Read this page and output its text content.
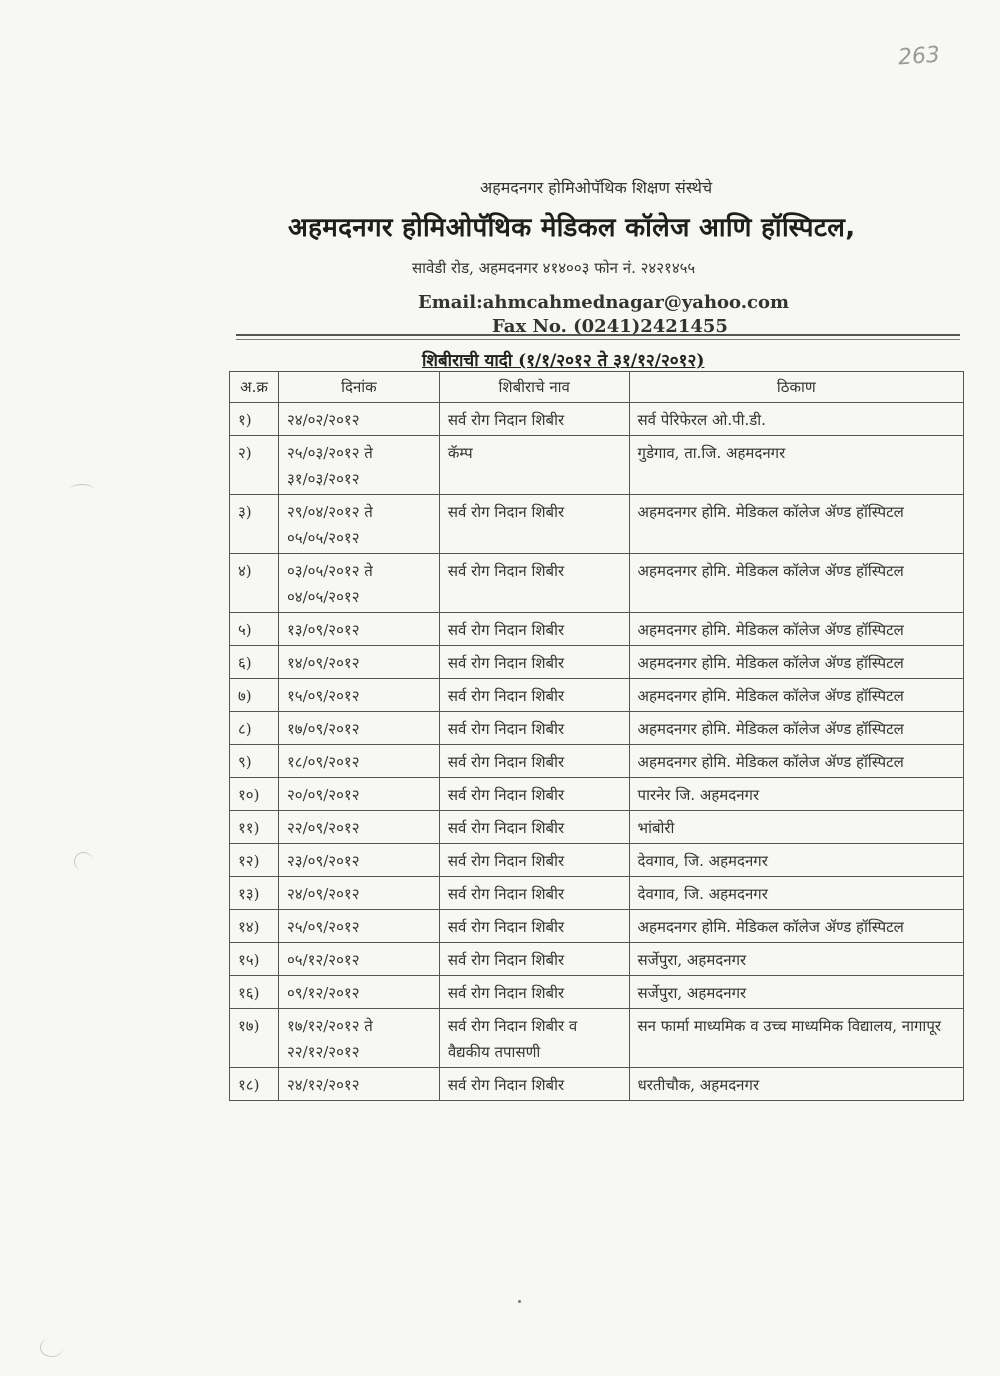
263
अहमदनगर होमिओपॅथिक शिक्षण संस्थेचे
अहमदनगर होमिओपॅथिक मेडिकल कॉलेज आणि हॉस्पिटल,
सावेडी रोड, अहमदनगर ४१४००३ फोन नं. २४२१४५५
Email:ahmcahmednagar@yahoo.com
Fax No. (0241)2421455
शिबीराची यादी (१/१/२०१२ ते ३१/१२/२०१२)
अ.क्र	दिनांक	शिबीराचे नाव	ठिकाण
१)	२४/०२/२०१२	सर्व रोग निदान शिबीर	सर्व पेरिफेरल ओ.पी.डी.
२)	२५/०३/२०१२ ते ३१/०३/२०१२	कॅम्प	गुडेगाव, ता.जि. अहमदनगर
३)	२९/०४/२०१२ ते ०५/०५/२०१२	सर्व रोग निदान शिबीर	अहमदनगर होमि. मेडिकल कॉलेज ॲण्ड हॉस्पिटल
४)	०३/०५/२०१२ ते ०४/०५/२०१२	सर्व रोग निदान शिबीर	अहमदनगर होमि. मेडिकल कॉलेज ॲण्ड हॉस्पिटल
५)	१३/०९/२०१२	सर्व रोग निदान शिबीर	अहमदनगर होमि. मेडिकल कॉलेज ॲण्ड हॉस्पिटल
६)	१४/०९/२०१२	सर्व रोग निदान शिबीर	अहमदनगर होमि. मेडिकल कॉलेज ॲण्ड हॉस्पिटल
७)	१५/०९/२०१२	सर्व रोग निदान शिबीर	अहमदनगर होमि. मेडिकल कॉलेज ॲण्ड हॉस्पिटल
८)	१७/०९/२०१२	सर्व रोग निदान शिबीर	अहमदनगर होमि. मेडिकल कॉलेज ॲण्ड हॉस्पिटल
९)	१८/०९/२०१२	सर्व रोग निदान शिबीर	अहमदनगर होमि. मेडिकल कॉलेज ॲण्ड हॉस्पिटल
१०)	२०/०९/२०१२	सर्व रोग निदान शिबीर	पारनेर जि. अहमदनगर
११)	२२/०९/२०१२	सर्व रोग निदान शिबीर	भांबोरी
१२)	२३/०९/२०१२	सर्व रोग निदान शिबीर	देवगाव, जि. अहमदनगर
१३)	२४/०९/२०१२	सर्व रोग निदान शिबीर	देवगाव, जि. अहमदनगर
१४)	२५/०९/२०१२	सर्व रोग निदान शिबीर	अहमदनगर होमि. मेडिकल कॉलेज ॲण्ड हॉस्पिटल
१५)	०५/१२/२०१२	सर्व रोग निदान शिबीर	सर्जेपुरा, अहमदनगर
१६)	०९/१२/२०१२	सर्व रोग निदान शिबीर	सर्जेपुरा, अहमदनगर
१७)	१७/१२/२०१२ ते २२/१२/२०१२	सर्व रोग निदान शिबीर व वैद्यकीय तपासणी	सन फार्मा माध्यमिक व उच्च माध्यमिक विद्यालय, नागापूर
१८)	२४/१२/२०१२	सर्व रोग निदान शिबीर	धरतीचौक, अहमदनगर
